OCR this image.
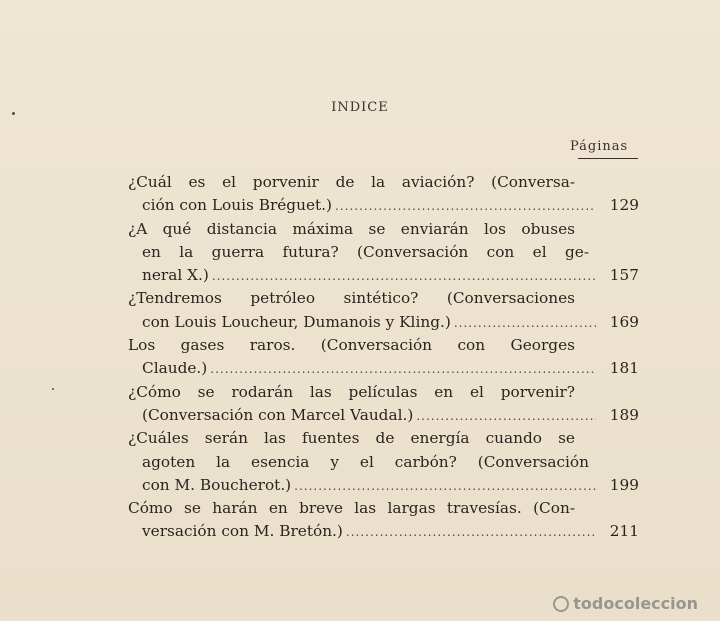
INDICE
Páginas
¿Cuál es el porvenir de la aviación? (Conversa-
ción con Louis Bréguet.) .....	129
¿A qué distancia máxima se enviarán los obuses
en la guerra futura? (Conversación con el ge-
neral X.) .....	157
¿Tendremos petróleo sintético? (Conversaciones
con Louis Loucheur, Dumanois y Kling.) .....	169
Los gases raros. (Conversación con Georges
Claude.) .....	181
¿Cómo se rodarán las películas en el porvenir?
(Conversación con Marcel Vaudal.) .....	189
¿Cuáles serán las fuentes de energía cuando se
agoten la esencia y el carbón? (Conversación
con M. Boucherot.) .....	199
Cómo se harán en breve las largas travesías. (Con-
versación con M. Bretón.) .....	211
todocoleccion
